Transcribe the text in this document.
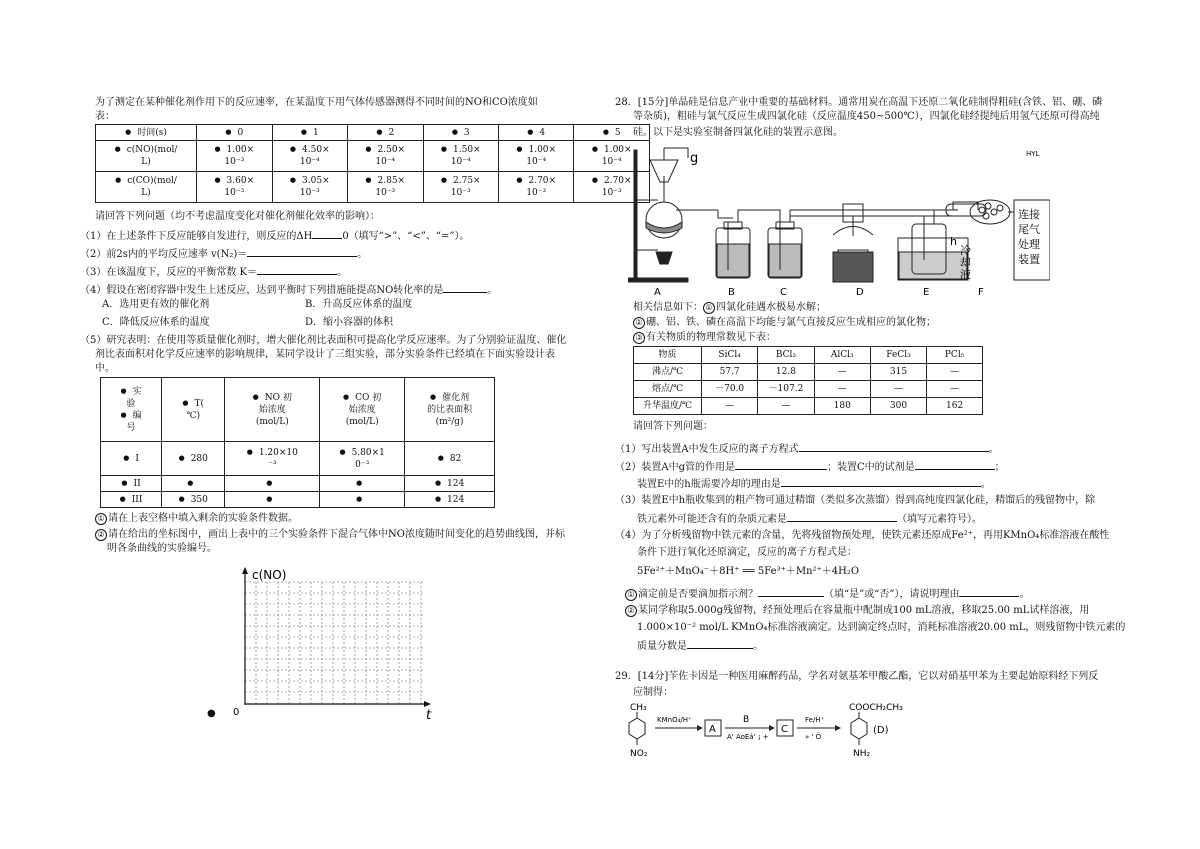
为了测定在某种催化剂作用下的反应速率，在某温度下用气体传感器测得不同时间的NO和CO浓度如
表：
● 时间(s)	●0	●1	●2	●3	●4	●5
● c(NO)(mol/
L)	● 1.00×
10⁻³	● 4.50×
10⁻⁴	● 2.50×
10⁻⁴	● 1.50×
10⁻⁴	● 1.00×
10⁻⁴	● 1.00×
10⁻⁴
● c(CO)(mol/
L)	● 3.60×
10⁻³	● 3.05×
10⁻³	● 2.85×
10⁻³	● 2.75×
10⁻³	● 2.70×
10⁻³	● 2.70×
10⁻³
请回答下列问题（均不考虑温度变化对催化剂催化效率的影响）：
（1）在上述条件下反应能够自发进行，则反应的ΔH	0（填写“>”、“<”、“=”）。
（2）前2s内的平均反应速率 v(N₂)＝	。
（3）在该温度下，反应的平衡常数 K＝	。
（4）假设在密闭容器中发生上述反应，达到平衡时下列措施能提高NO转化率的是	。
A．选用更有效的催化剂	B．升高反应体系的温度
C．降低反应体系的温度	D．缩小容器的体积
（5）研究表明：在使用等质量催化剂时，增大催化剂比表面积可提高化学反应速率。为了分别验证温度、催化
剂比表面积对化学反应速率的影响规律，某同学设计了三组实验，部分实验条件已经填在下面实验设计表
中。
● 实
验
● 编
号	● T(
℃)	● NO 初
始浓度
(mol/L)	● CO 初
始浓度
(mol/L)	● 催化剂
的比表面积
(m²/g)
● I	●280	● 1.20×10
⁻³	● 5.80×1
0⁻³	● 82
● II	●	●	●	●124
● III	●350	●	●	●124
① 请在上表空格中填入剩余的实验条件数据。
② 请在给出的坐标图中，画出上表中的三个实验条件下混合气体中NO浓度随时间变化的趋势曲线图，并标
明各条曲线的实验编号。
c(NO)
t
0
●
28．[15分]单晶硅是信息产业中重要的基础材料。通常用炭在高温下还原二氧化硅制得粗硅(含铁、铝、硼、磷
等杂质)，粗硅与氯气反应生成四氯化硅（反应温度450~500℃），四氯化硅经提纯后用氢气还原可得高纯
硅。以下是实验室制备四氯化硅的装置示意图。
A	B	C	D	E	F
g
h
冷
却
液
连接
尾气
处理
装置
HYL
相关信息如下： ① 四氯化硅遇水极易水解；
② 硼、铝、铁、磷在高温下均能与氯气直接反应生成相应的氯化物；
③ 有关物质的物理常数见下表：
物质	SiCl₄	BCl₃	AlCl₃	FeCl₃	PCl₅
沸点/℃	57.7	12.8	—	315	—
熔点/℃	－70.0	－107.2	—	—	—
升华温度/℃	—	—	180	300	162
请回答下列问题：
（1）写出装置A中发生反应的离子方程式	。
（2）装置A中g管的作用是	；装置C中的试剂是	；
装置E中的h瓶需要冷却的理由是	。
（3）装置E中h瓶收集到的粗产物可通过精馏（类似多次蒸馏）得到高纯度四氯化硅，精馏后的残留物中，除
铁元素外可能还含有的杂质元素是	（填写元素符号）。
（4）为了分析残留物中铁元素的含量，先将残留物预处理，使铁元素还原成Fe²⁺，再用KMnO₄标准溶液在酸性
条件下进行氧化还原滴定，反应的离子方程式是：
5Fe²⁺＋MnO₄⁻＋8H⁺ ══ 5Fe³⁺＋Mn²⁺＋4H₂O
① 滴定前是否要滴加指示剂？	（填“是”或“否”），请说明理由	。
② 某同学称取5.000g残留物，经预处理后在容量瓶中配制成100 mL溶液，移取25.00 mL试样溶液，用
1.000×10⁻² mol/L KMnO₄标准溶液滴定。达到滴定终点时，消耗标准溶液20.00 mL，则残留物中铁元素的
质量分数是	。
29．[14分]苄佐卡因是一种医用麻醉药品，学名对氨基苯甲酸乙酯，它以对硝基甲苯为主要起始原料经下列反
应制得：
CH₃
NO₂
KMnO₄/H⁺
A
B
A' AoEá' ¡ +
C
Fe/H⁺
» ' Ö
COOCH₂CH₃
NH₂
(D)
